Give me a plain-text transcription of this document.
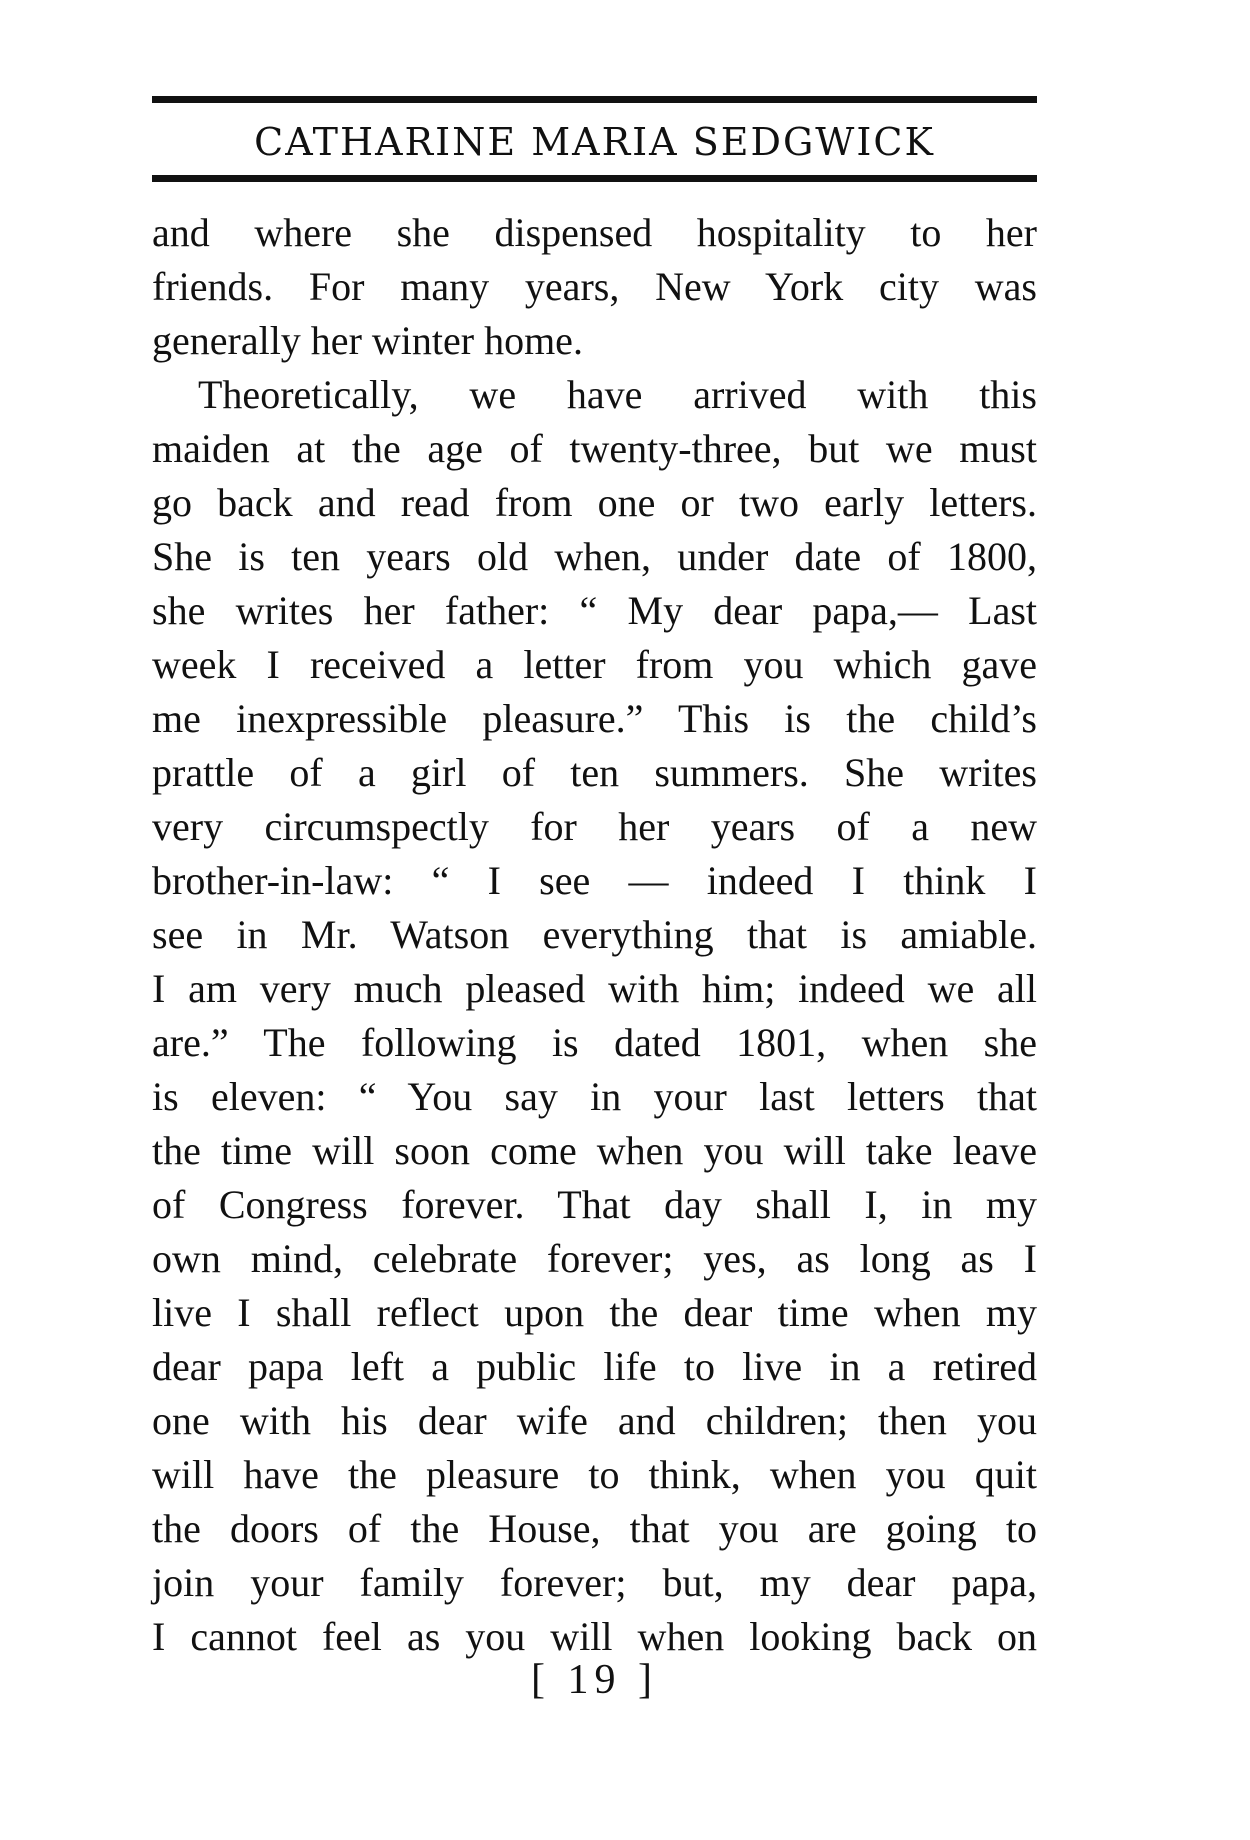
CATHARINE MARIA SEDGWICK
and where she dispensed hospitality to her
friends. For many years, New York city was
generally her winter home.
Theoretically, we have arrived with this
maiden at the age of twenty-three, but we must
go back and read from one or two early letters.
She is ten years old when, under date of 1800,
she writes her father: “ My dear papa,— Last
week I received a letter from you which gave
me inexpressible pleasure.” This is the child’s
prattle of a girl of ten summers. She writes
very circumspectly for her years of a new
brother-in-law: “ I see — indeed I think I
see in Mr. Watson everything that is amiable.
I am very much pleased with him; indeed we all
are.” The following is dated 1801, when she
is eleven: “ You say in your last letters that
the time will soon come when you will take leave
of Congress forever. That day shall I, in my
own mind, celebrate forever; yes, as long as I
live I shall reflect upon the dear time when my
dear papa left a public life to live in a retired
one with his dear wife and children; then you
will have the pleasure to think, when you quit
the doors of the House, that you are going to
join your family forever; but, my dear papa,
I cannot feel as you will when looking back on
[ 19 ]
